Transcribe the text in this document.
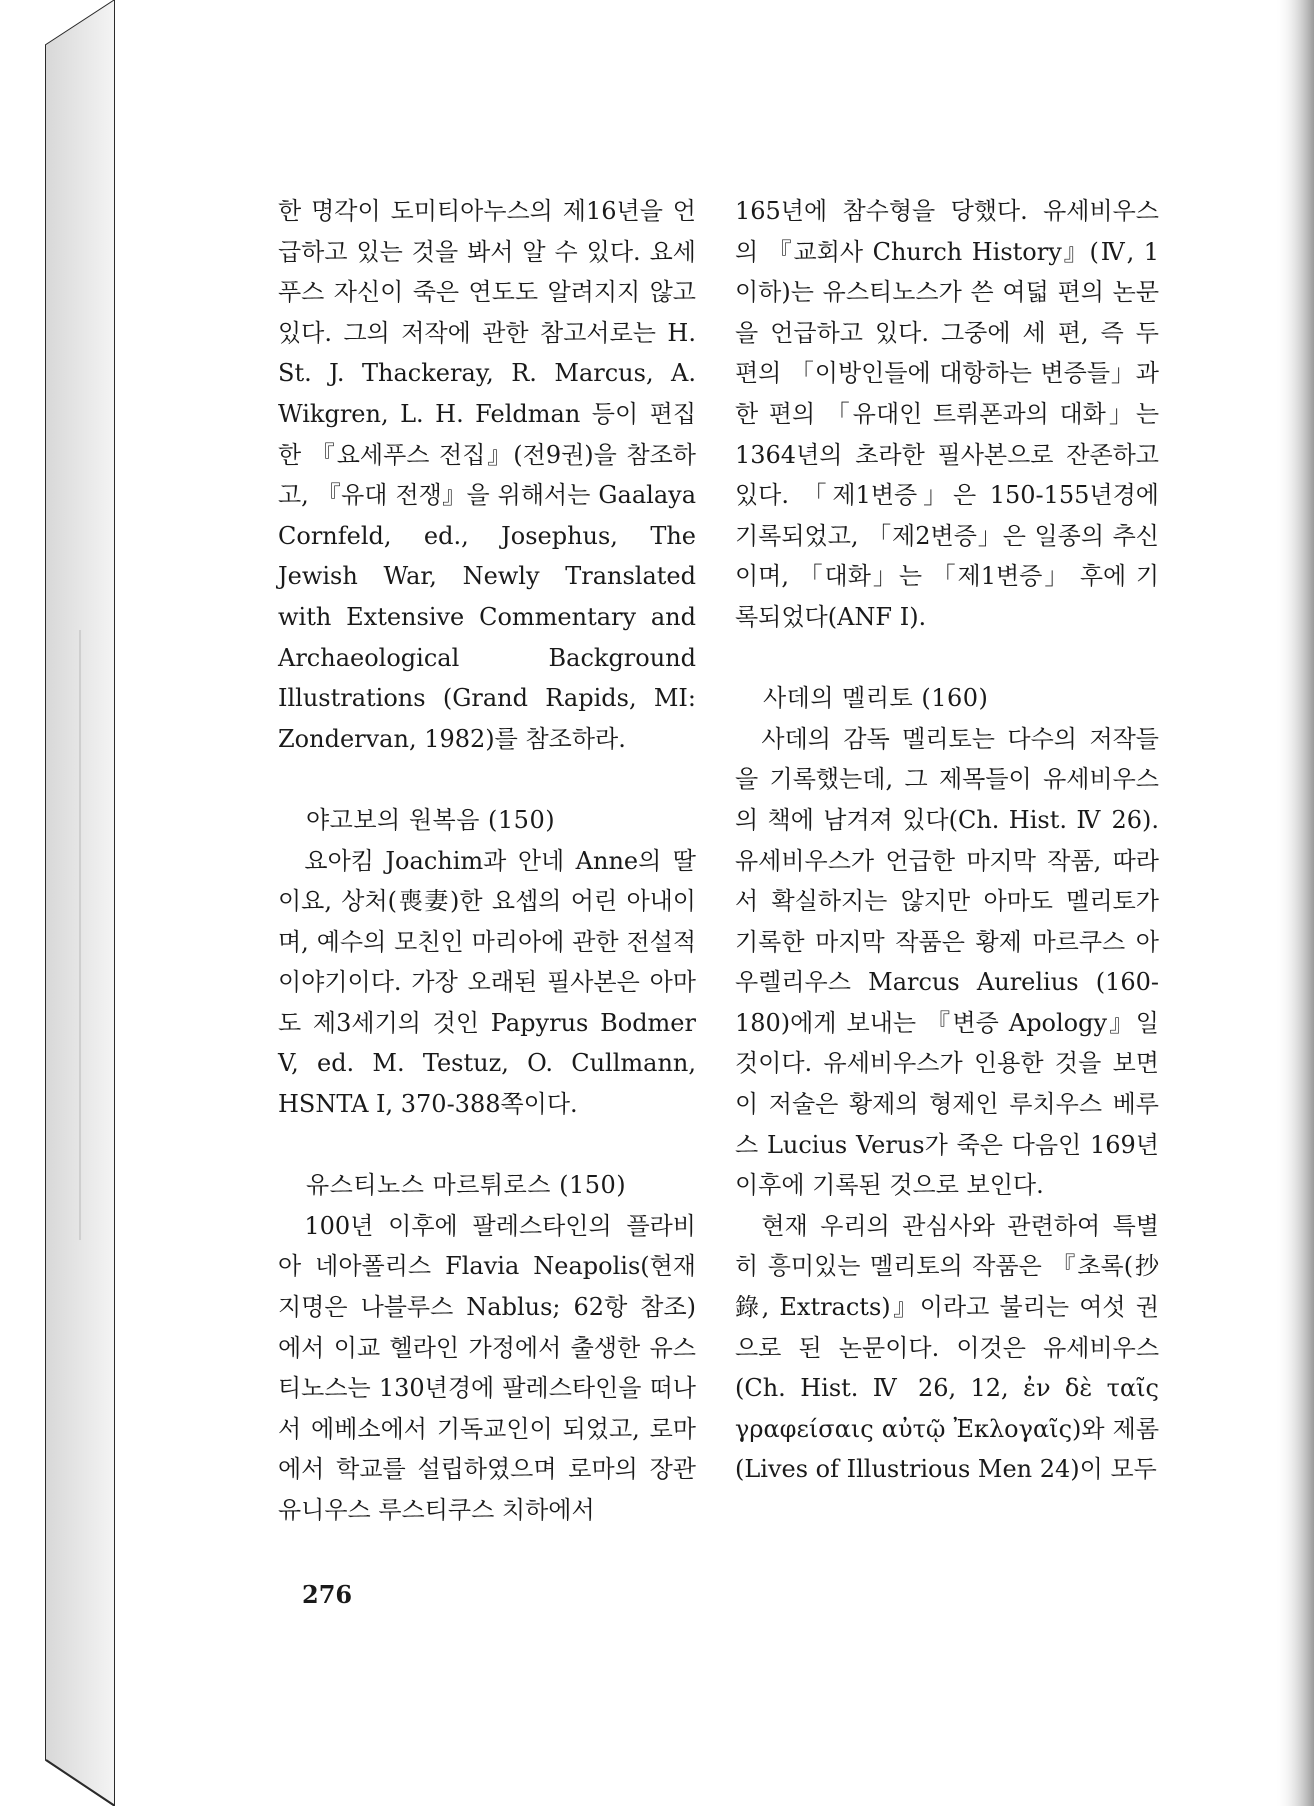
한 명각이 도미티아누스의 제16년을 언급하고 있는 것을 봐서 알 수 있다. 요세푸스 자신이 죽은 연도도 알려지지 않고 있다. 그의 저작에 관한 참고서로는 H. St. J. Thackeray, R. Marcus, A. Wikgren, L. H. Feldman 등이 편집한 『요세푸스 전집』(전9권)을 참조하고, 『유대 전쟁』을 위해서는 Gaalaya Cornfeld, ed., Josephus, The Jewish War, Newly Translated with Extensive Commentary and Archaeological Background Illustrations (Grand Rapids, MI: Zondervan, 1982)를 참조하라.

야고보의 원복음 (150)

요아킴 Joachim과 안네 Anne의 딸이요, 상처(喪妻)한 요셉의 어린 아내이며, 예수의 모친인 마리아에 관한 전설적 이야기이다. 가장 오래된 필사본은 아마도 제3세기의 것인 Papyrus Bodmer V, ed. M. Testuz, O. Cullmann, HSNTA Ⅰ, 370-388쪽이다.

유스티노스 마르튀로스 (150)

100년 이후에 팔레스타인의 플라비아 네아폴리스 Flavia Neapolis(현재 지명은 나블루스 Nablus; 62항 참조)에서 이교 헬라인 가정에서 출생한 유스티노스는 130년경에 팔레스타인을 떠나서 에베소에서 기독교인이 되었고, 로마에서 학교를 설립하였으며 로마의 장관 유니우스 루스티쿠스 치하에서

165년에 참수형을 당했다. 유세비우스의 『교회사 Church History』(Ⅳ, 1 이하)는 유스티노스가 쓴 여덟 편의 논문을 언급하고 있다. 그중에 세 편, 즉 두 편의 「이방인들에 대항하는 변증들」과 한 편의 「유대인 트뤼폰과의 대화」는 1364년의 초라한 필사본으로 잔존하고 있다. 「제1변증」은 150-155년경에 기록되었고, 「제2변증」은 일종의 추신이며, 「대화」는 「제1변증」 후에 기록되었다(ANF Ⅰ).

사데의 멜리토 (160)

사데의 감독 멜리토는 다수의 저작들을 기록했는데, 그 제목들이 유세비우스의 책에 남겨져 있다(Ch. Hist. Ⅳ 26). 유세비우스가 언급한 마지막 작품, 따라서 확실하지는 않지만 아마도 멜리토가 기록한 마지막 작품은 황제 마르쿠스 아우렐리우스 Marcus Aurelius (160-180)에게 보내는 『변증 Apology』일 것이다. 유세비우스가 인용한 것을 보면 이 저술은 황제의 형제인 루치우스 베루스 Lucius Verus가 죽은 다음인 169년 이후에 기록된 것으로 보인다.

현재 우리의 관심사와 관련하여 특별히 흥미있는 멜리토의 작품은 『초록(抄錄, Extracts)』이라고 불리는 여섯 권으로 된 논문이다. 이것은 유세비우스(Ch. Hist. Ⅳ 26, 12, ἐν δὲ ταῖς γραφείσαις αὐτῷ Ἐκλογαῖς)와 제롬(Lives of Illustrious Men 24)이 모두

276
